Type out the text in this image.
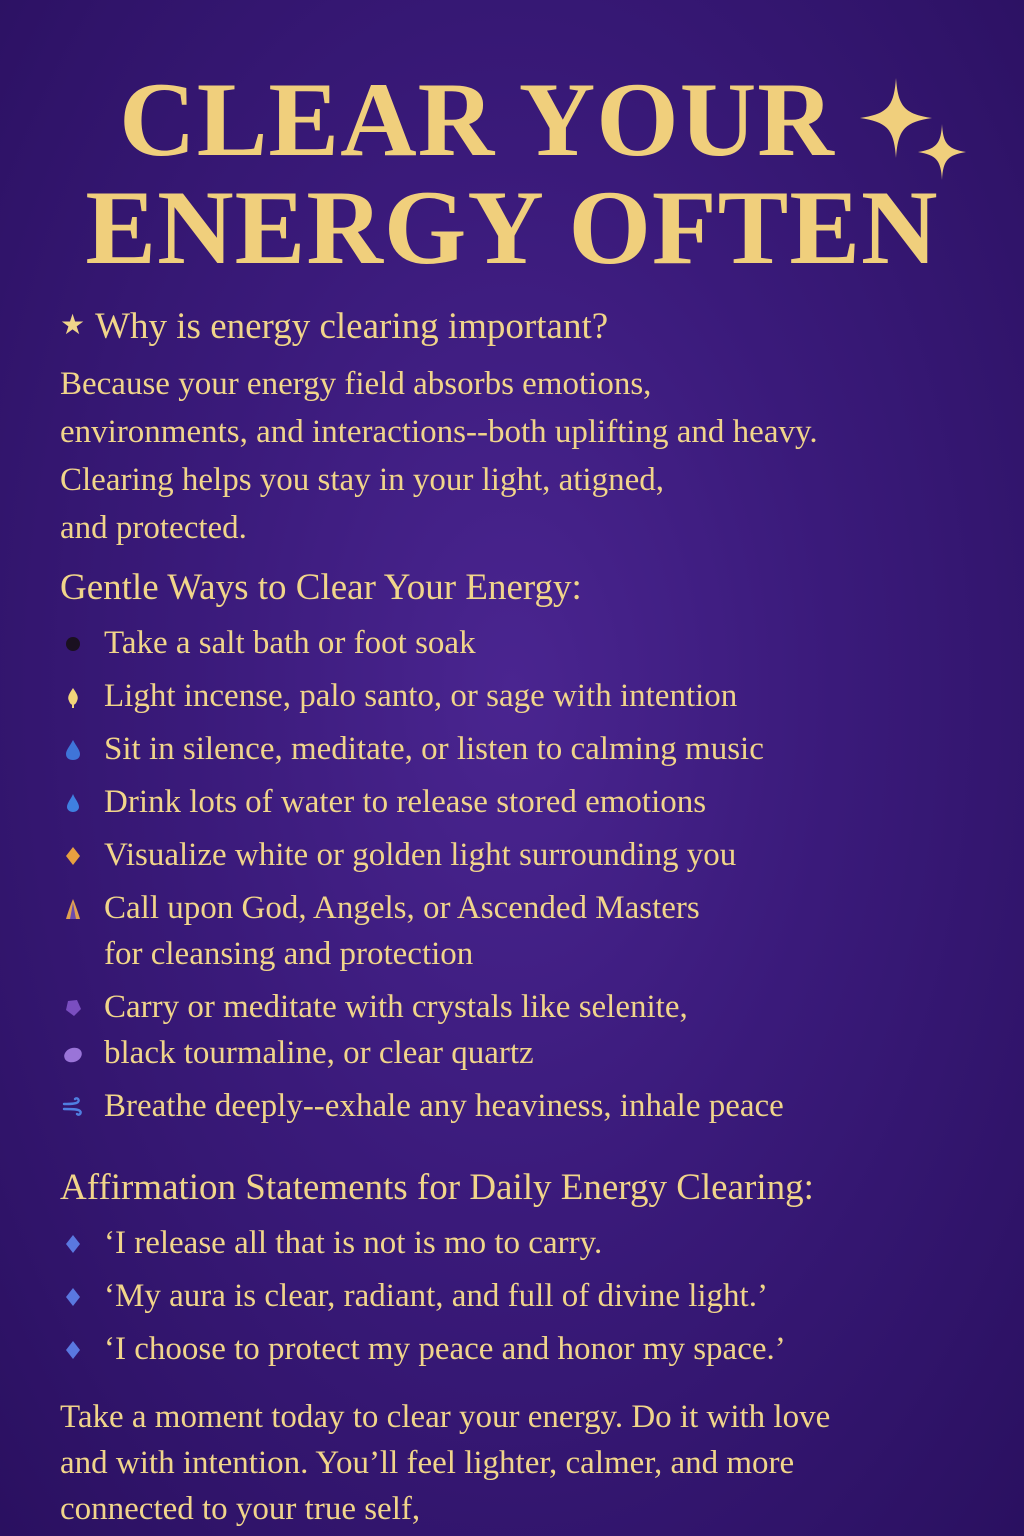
CLEAR YOUR
ENERGY OFTEN
★ Why is energy clearing important?
Because your energy field absorbs emotions,
environments, and interactions--both uplifting and heavy.
Clearing helps you stay in your light, atigned,
and protected.
Gentle Ways to Clear Your Energy:
Take a salt bath or foot soak
Light incense, palo santo, or sage with intention
Sit in silence, meditate, or listen to calming music
Drink lots of water to release stored emotions
Visualize white or golden light surrounding you
Call upon God, Angels, or Ascended Masters
for cleansing and protection
Carry or meditate with crystals like selenite,
black tourmaline, or clear quartz
Breathe deeply--exhale any heaviness, inhale peace
Affirmation Statements for Daily Energy Clearing:
‘I release all that is not is mo to carry.
‘My aura is clear, radiant, and full of divine light.’
‘I choose to protect my peace and honor my space.’
Take a moment today to clear your energy. Do it with love
and with intention. You’ll feel lighter, calmer, and more
connected to your true self,
